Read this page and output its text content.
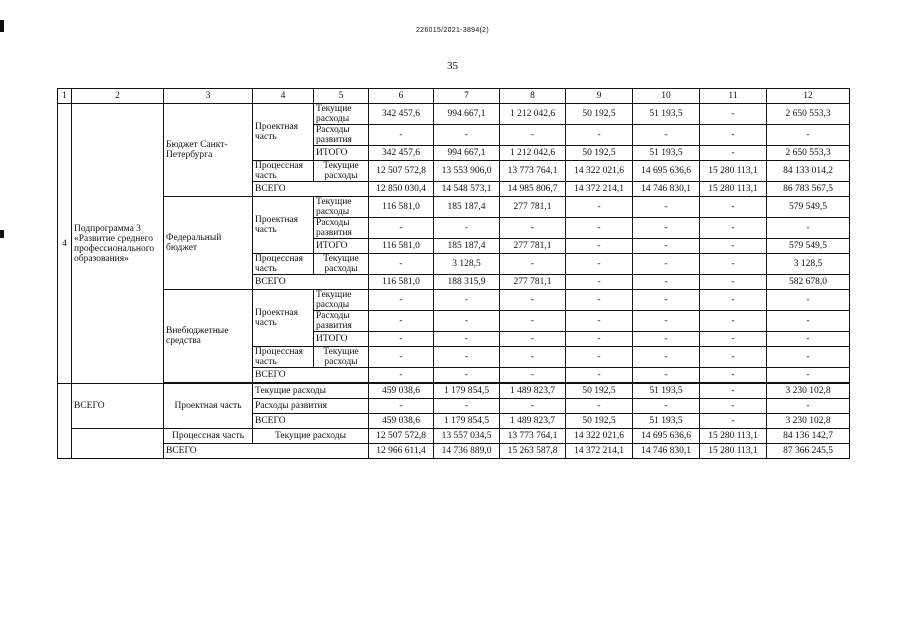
226015/2021-3894(2)
35
1	2	3	4	5	6	7	8	9	10	11	12
4	Подпрограмма 3 «Развитие среднего профессионального образования»	Бюджет Санкт-Петербурга	Проектная часть	Текущие расходы	342 457,6	994 667,1	1 212 042,6	50 192,5	51 193,5	-	2 650 553,3
				Расходы развития	-	-	-	-	-	-	-
				ИТОГО	342 457,6	994 667,1	1 212 042,6	50 192,5	51 193,5	-	2 650 553,3
			Процессная часть	Текущие расходы	12 507 572,8	13 553 906,0	13 773 764,1	14 322 021,6	14 695 636,6	15 280 113,1	84 133 014,2
			ВСЕГО		12 850 030,4	14 548 573,1	14 985 806,7	14 372 214,1	14 746 830,1	15 280 113,1	86 783 567,5
		Федеральный бюджет	Проектная часть	Текущие расходы	116 581,0	185 187,4	277 781,1	-	-	-	579 549,5
				Расходы развития	-	-	-	-	-	-	-
				ИТОГО	116 581,0	185 187,4	277 781,1	-	-	-	579 549,5
			Процессная часть	Текущие расходы	-	3 128,5	-	-	-	-	3 128,5
			ВСЕГО		116 581,0	188 315,9	277 781,1	-	-	-	582 678,0
		Внебюджетные средства	Проектная часть	Текущие расходы	-	-	-	-	-	-	-
				Расходы развития	-	-	-	-	-	-	-
				ИТОГО	-	-	-	-	-	-	-
			Процессная часть	Текущие расходы	-	-	-	-	-	-	-
			ВСЕГО		-	-	-	-	-	-	-

	ВСЕГО	Проектная часть	Текущие расходы		459 038,6	1 179 854,5	1 489 823,7	50 192,5	51 193,5	-	3 230 102,8
			Расходы развития		-	-	-	-	-	-	-
			ВСЕГО		459 038,6	1 179 854,5	1 489 823,7	50 192,5	51 193,5	-	3 230 102,8
		Процессная часть	Текущие расходы		12 507 572,8	13 557 034,5	13 773 764,1	14 322 021,6	14 695 636,6	15 280 113,1	84 136 142,7
		ВСЕГО			12 966 611,4	14 736 889,0	15 263 587,8	14 372 214,1	14 746 830,1	15 280 113,1	87 366 245,5
